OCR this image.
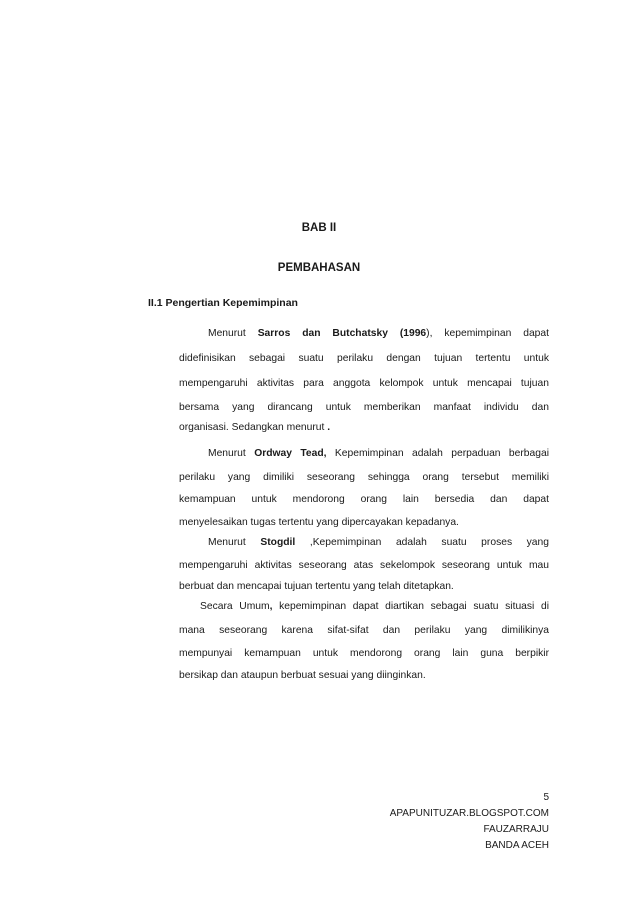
BAB II
PEMBAHASAN
II.1 Pengertian Kepemimpinan
Menurut Sarros dan Butchatsky (1996), kepemimpinan dapat
didefinisikan sebagai suatu perilaku dengan tujuan tertentu untuk
mempengaruhi aktivitas para anggota kelompok untuk mencapai tujuan
bersama yang dirancang untuk memberikan manfaat individu dan
organisasi. Sedangkan menurut .
Menurut Ordway Tead, Kepemimpinan adalah perpaduan berbagai
perilaku yang dimiliki seseorang sehingga orang tersebut memiliki
kemampuan untuk mendorong orang lain bersedia dan dapat
menyelesaikan tugas tertentu yang dipercayakan kepadanya.
Menurut Stogdil ,Kepemimpinan adalah suatu proses yang
mempengaruhi aktivitas seseorang atas sekelompok seseorang untuk mau
berbuat dan mencapai tujuan tertentu yang telah ditetapkan.
Secara Umum, kepemimpinan dapat diartikan sebagai suatu situasi di
mana seseorang karena sifat-sifat dan perilaku yang dimilikinya
mempunyai kemampuan untuk mendorong orang lain guna berpikir
bersikap dan ataupun berbuat sesuai yang diinginkan.
5
APAPUNITUZAR.BLOGSPOT.COM
FAUZARRAJU
BANDA ACEH
